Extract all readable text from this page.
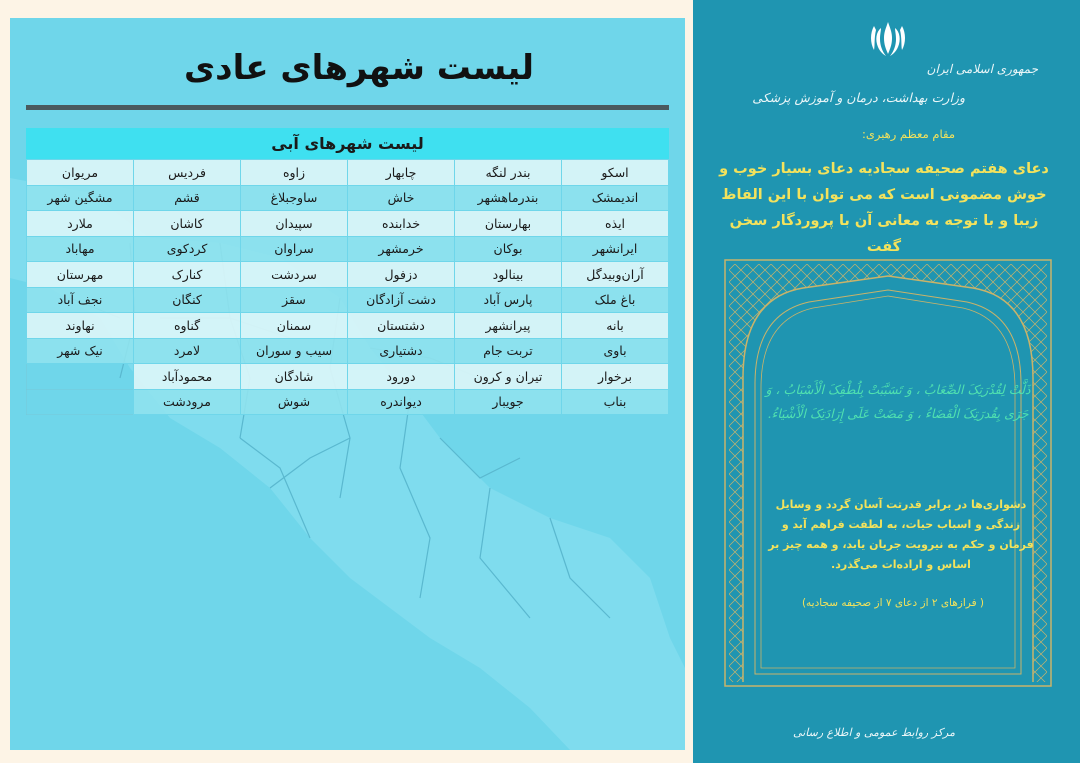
لیست شهرهای عادی
لیست شهرهای آبی
اسکو	بندر لنگه	چابهار	زاوه	فردیس	مریوان
اندیمشک	بندرماهشهر	خاش	ساوجبلاغ	قشم	مشگین شهر
ایذه	بهارستان	خدابنده	سپیدان	کاشان	ملارد
ایرانشهر	بوکان	خرمشهر	سراوان	کردکوی	مهاباد
آران‌وبیدگل	بینالود	دزفول	سردشت	کنارک	مهرستان
باغ ملک	پارس آباد	دشت آزادگان	سقز	کنگان	نجف آباد
بانه	پیرانشهر	دشتستان	سمنان	گناوه	نهاوند
باوی	تربت جام	دشتیاری	سیب و سوران	لامرد	نیک شهر
برخوار	تیران و کرون	دورود	شادگان	محمودآباد	
بناب	جویبار	دیواندره	شوش	مرودشت	
جمهوری اسلامی ایران
وزارت بهداشت، درمان و آموزش پزشکی
مقام معظم رهبری:
دعای هفتم صحیفه سجادیه دعای بسیار خوب و خوش مضمونی است که می توان با این الفاظ زیبا و با توجه به معانی آن با پروردگار سخن گفت
ذَلَّتْ لِقُدْرَتِکَ الصِّعَابُ ، وَ تَسَبَّبَتْ بِلُطْفِکَ الْأَسْبَابُ ، وَ جَرَى بِقُدرَتِکَ الْقَضَاءُ ، وَ مَضَتْ عَلَى إِرَادَتِکَ الْأَشْیَاءُ.
دشواری‌ها در برابر قدرتت آسان گردد و وسایل زندگی و اسباب حیات، به لطفت فراهم آید و فرمان و حکم به نیرویت جریان یابد، و همه چیز بر اساس و اراده‌ات می‌گذرد.
( فرازهای ۲ از دعای ۷ از صحیفه سجادیه)
مرکز روابط عمومی و اطلاع رسانی
